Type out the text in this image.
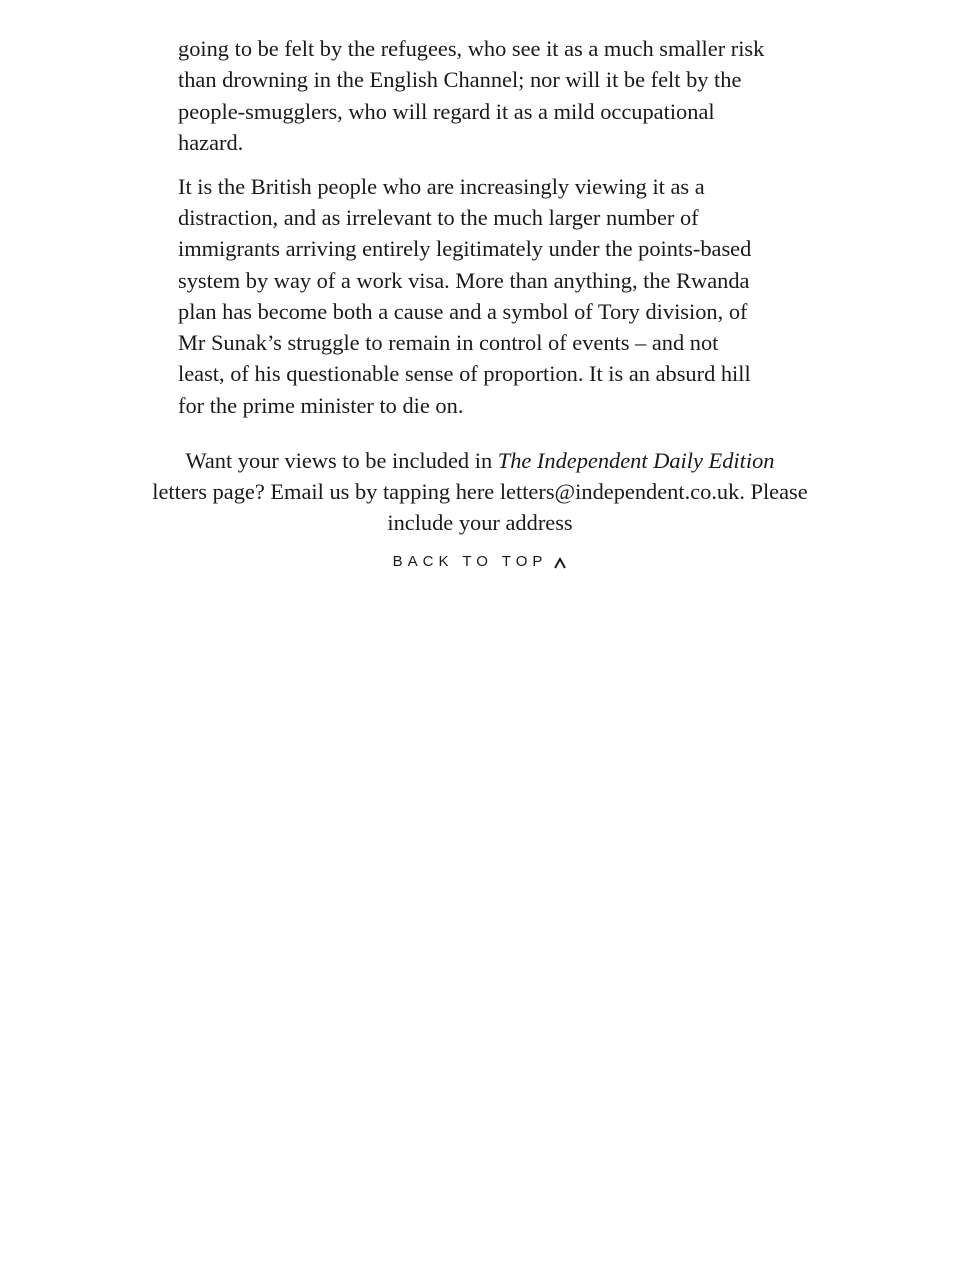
going to be felt by the refugees, who see it as a much smaller risk
than drowning in the English Channel; nor will it be felt by the
people-smugglers, who will regard it as a mild occupational
hazard.

It is the British people who are increasingly viewing it as a
distraction, and as irrelevant to the much larger number of
immigrants arriving entirely legitimately under the points-based
system by way of a work visa. More than anything, the Rwanda
plan has become both a cause and a symbol of Tory division, of
Mr Sunak’s struggle to remain in control of events – and not
least, of his questionable sense of proportion. It is an absurd hill
for the prime minister to die on.

Want your views to be included in The Independent Daily Edition
letters page? Email us by tapping here letters@independent.co.uk. Please include your address
BACK TO TOP
